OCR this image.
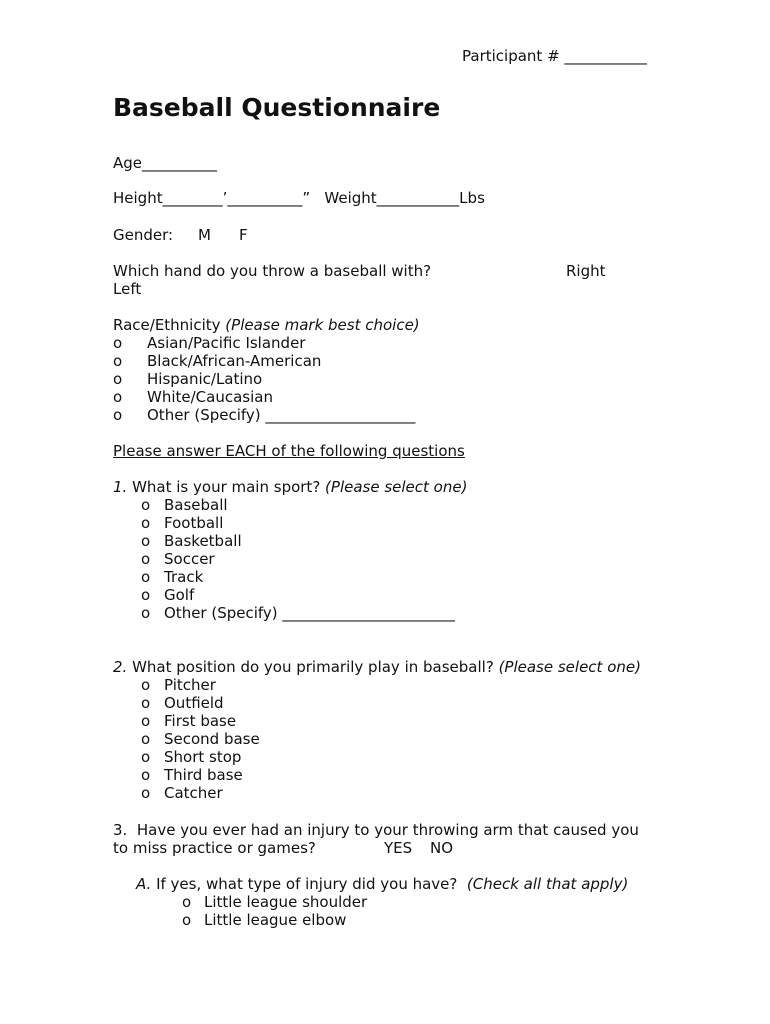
Participant # ___________
Baseball Questionnaire
Age__________
Height________’__________”   Weight___________Lbs
Gender: M F
Which hand do you throw a baseball with?	Right
Left
Race/Ethnicity (Please mark best choice)
o Asian/Pacific Islander
o Black/African-American
o Hispanic/Latino
o White/Caucasian
o Other (Specify) ____________________
Please answer EACH of the following questions
1. What is your main sport? (Please select one)
o Baseball
o Football
o Basketball
o Soccer
o Track
o Golf
o Other (Specify) _______________________
2. What position do you primarily play in baseball? (Please select one)
o Pitcher
o Outfield
o First base
o Second base
o Short stop
o Third base
o Catcher
3.  Have you ever had an injury to your throwing arm that caused you
to miss practice or games?	YES NO
A. If yes, what type of injury did you have?  (Check all that apply)
o Little league shoulder
o Little league elbow
